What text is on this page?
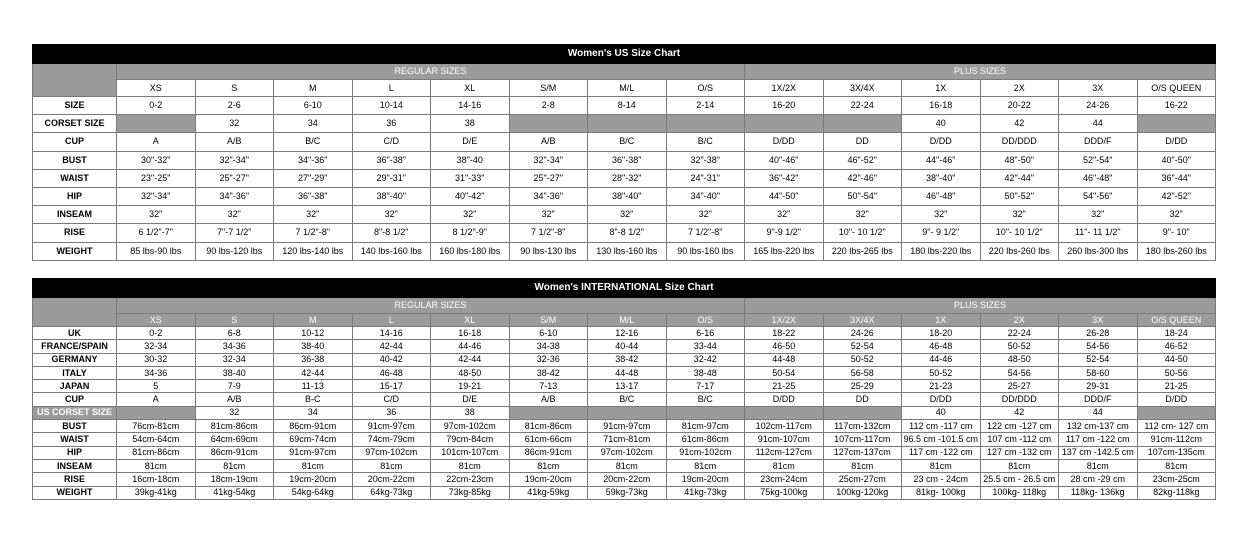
Women's US Size Chart														
	REGULAR SIZES								PLUS SIZES					
	XS	S	M	L	XL	S/M	M/L	O/S	1X/2X	3X/4X	1X	2X	3X	O/S QUEEN
SIZE	0-2	2-6	6-10	10-14	14-16	2-8	8-14	2-14	16-20	22-24	16-18	20-22	24-26	16-22
CORSET SIZE		32	34	36	38						40	42	44	
CUP	A	A/B	B/C	C/D	D/E	A/B	B/C	B/C	D/DD	DD	D/DD	DD/DDD	DDD/F	D/DD
BUST	30"-32"	32"-34"	34"-36"	36"-38"	38"-40	32"-34"	36"-38"	32"-38"	40"-46"	46"-52"	44"-46"	48"-50"	52"-54"	40"-50"
WAIST	23"-25"	25"-27"	27"-29"	29"-31"	31"-33"	25"-27"	28"-32"	24"-31"	36"-42"	42"-46"	38"-40"	42"-44"	46"-48"	36"-44"
HIP	32"-34"	34"-36"	36"-38"	38"-40"	40"-42"	34"-36"	38"-40"	34"-40"	44"-50"	50"-54"	46"-48"	50"-52"	54"-56"	42"-52"
INSEAM	32"	32"	32"	32"	32"	32"	32"	32"	32"	32"	32"	32"	32"	32"
RISE	6 1/2"-7"	7"-7 1/2"	7 1/2"-8"	8"-8 1/2"	8 1/2"-9"	7 1/2"-8"	8"-8 1/2"	7 1/2"-8"	9"-9 1/2"	10"- 10 1/2"	9"- 9 1/2"	10"- 10 1/2"	11"- 11 1/2"	9"- 10"
WEIGHT	85 lbs-90 lbs	90 lbs-120 lbs	120 lbs-140 lbs	140 lbs-160 lbs	160 lbs-180 lbs	90 lbs-130 lbs	130 lbs-160 lbs	90 lbs-160 lbs	165 lbs-220 lbs	220 lbs-265 lbs	180 lbs-220 lbs	220 lbs-260 lbs	260 lbs-300 lbs	180 lbs-260 lbs
Women's INTERNATIONAL Size Chart														
	REGULAR SIZES								PLUS SIZES					
	XS	S	M	L	XL	S/M	M/L	O/S	1X/2X	3X/4X	1X	2X	3X	O/S QUEEN
UK	0-2	6-8	10-12	14-16	16-18	6-10	12-16	6-16	18-22	24-26	18-20	22-24	26-28	18-24
FRANCE/SPAIN	32-34	34-36	38-40	42-44	44-46	34-38	40-44	33-44	46-50	52-54	46-48	50-52	54-56	46-52
GERMANY	30-32	32-34	36-38	40-42	42-44	32-36	38-42	32-42	44-48	50-52	44-46	48-50	52-54	44-50
ITALY	34-36	38-40	42-44	46-48	48-50	38-42	44-48	38-48	50-54	56-58	50-52	54-56	58-60	50-56
JAPAN	5	7-9	11-13	15-17	19-21	7-13	13-17	7-17	21-25	25-29	21-23	25-27	29-31	21-25
CUP	A	A/B	B-C	C/D	D/E	A/B	B/C	B/C	D/DD	DD	D/DD	DD/DDD	DDD/F	D/DD
US CORSET SIZE		32	34	36	38						40	42	44	
BUST	76cm-81cm	81cm-86cm	86cm-91cm	91cm-97cm	97cm-102cm	81cm-86cm	91cm-97cm	81cm-97cm	102cm-117cm	117cm-132cm	112 cm -117 cm	122 cm -127 cm	132 cm-137 cm	112 cm- 127 cm
WAIST	54cm-64cm	64cm-69cm	69cm-74cm	74cm-79cm	79cm-84cm	61cm-66cm	71cm-81cm	61cm-86cm	91cm-107cm	107cm-117cm	96.5 cm -101.5 cm	107 cm -112 cm	117 cm -122 cm	91cm-112cm
HIP	81cm-86cm	86cm-91cm	91cm-97cm	97cm-102cm	101cm-107cm	86cm-91cm	97cm-102cm	91cm-102cm	112cm-127cm	127cm-137cm	117 cm -122 cm	127 cm -132 cm	137 cm -142.5 cm	107cm-135cm
INSEAM	81cm	81cm	81cm	81cm	81cm	81cm	81cm	81cm	81cm	81cm	81cm	81cm	81cm	81cm
RISE	16cm-18cm	18cm-19cm	19cm-20cm	20cm-22cm	22cm-23cm	19cm-20cm	20cm-22cm	19cm-20cm	23cm-24cm	25cm-27cm	23 cm - 24cm	25.5 cm - 26.5 cm	28 cm -29 cm	23cm-25cm
WEIGHT	39kg-41kg	41kg-54kg	54kg-64kg	64kg-73kg	73kg-85kg	41kg-59kg	59kg-73kg	41kg-73kg	75kg-100kg	100kg-120kg	81kg- 100kg	100kg- 118kg	118kg- 136kg	82kg-118kg
